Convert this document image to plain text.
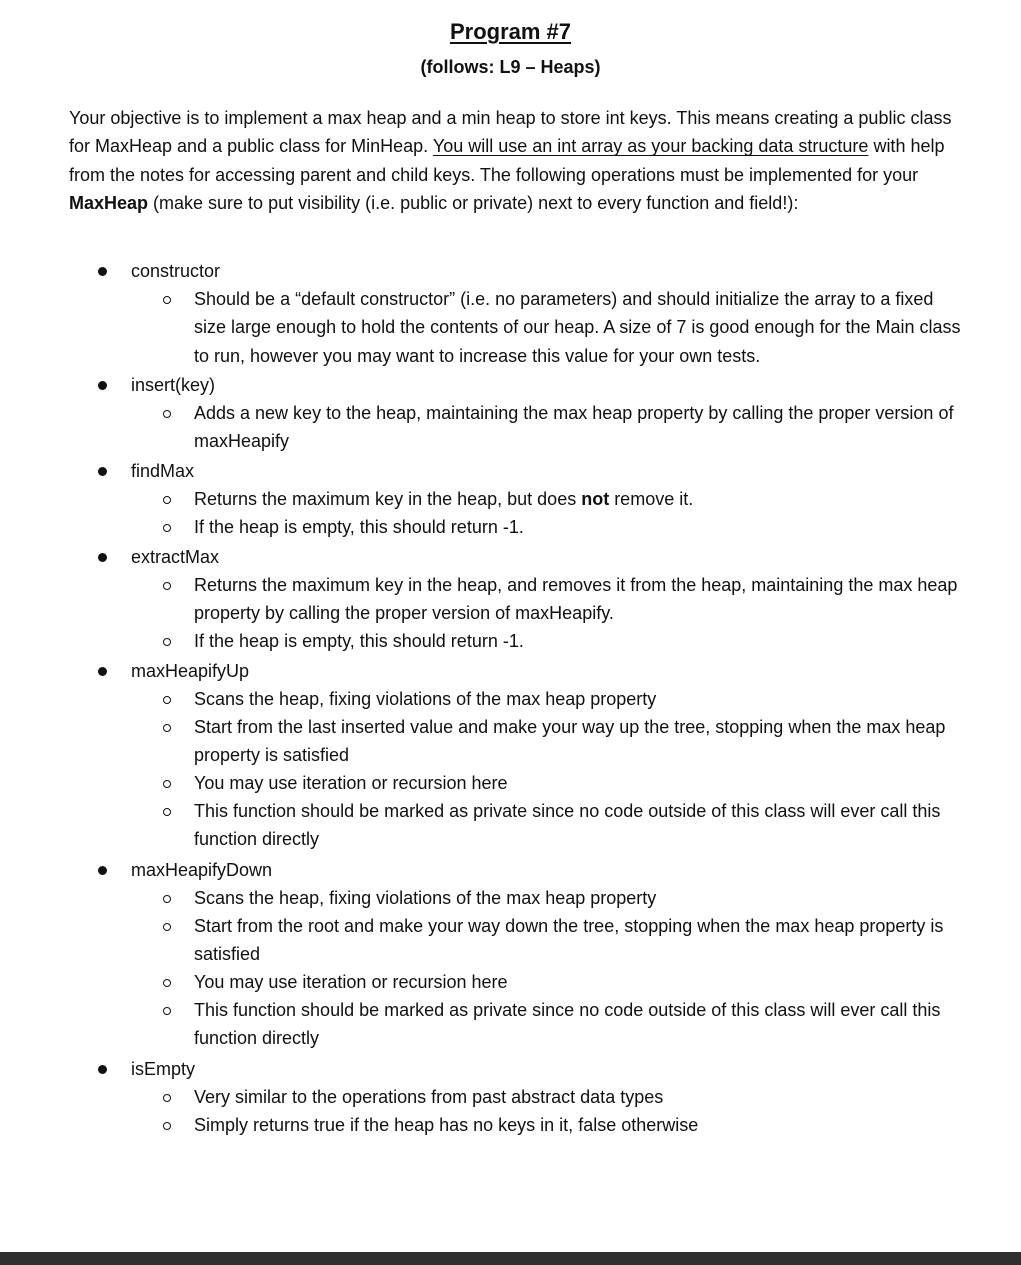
Program #7
(follows: L9 – Heaps)

Your objective is to implement a max heap and a min heap to store int keys. This means creating a public class for MaxHeap and a public class for MinHeap. You will use an int array as your backing data structure with help from the notes for accessing parent and child keys. The following operations must be implemented for your MaxHeap (make sure to put visibility (i.e. public or private) next to every function and field!):

constructor
Should be a “default constructor” (i.e. no parameters) and should initialize the array to a fixed size large enough to hold the contents of our heap. A size of 7 is good enough for the Main class to run, however you may want to increase this value for your own tests.
insert(key)
Adds a new key to the heap, maintaining the max heap property by calling the proper version of maxHeapify
findMax
Returns the maximum key in the heap, but does not remove it.
If the heap is empty, this should return -1.
extractMax
Returns the maximum key in the heap, and removes it from the heap, maintaining the max heap property by calling the proper version of maxHeapify.
If the heap is empty, this should return -1.
maxHeapifyUp
Scans the heap, fixing violations of the max heap property
Start from the last inserted value and make your way up the tree, stopping when the max heap property is satisfied
You may use iteration or recursion here
This function should be marked as private since no code outside of this class will ever call this function directly
maxHeapifyDown
Scans the heap, fixing violations of the max heap property
Start from the root and make your way down the tree, stopping when the max heap property is satisfied
You may use iteration or recursion here
This function should be marked as private since no code outside of this class will ever call this function directly
isEmpty
Very similar to the operations from past abstract data types
Simply returns true if the heap has no keys in it, false otherwise
